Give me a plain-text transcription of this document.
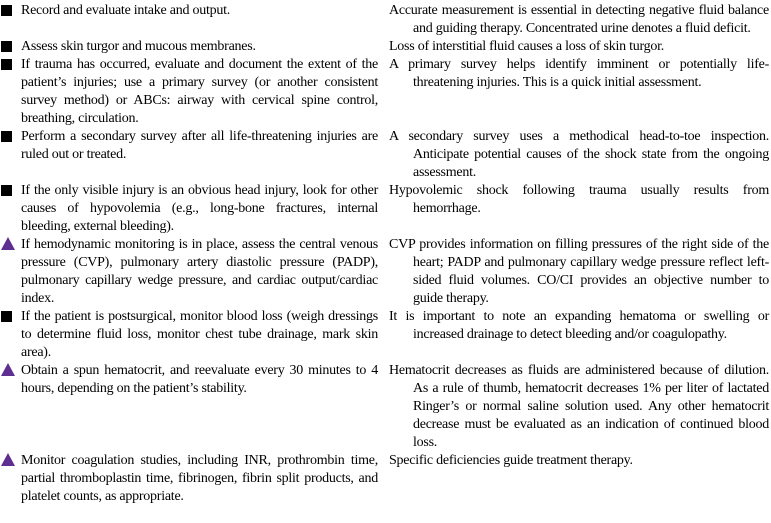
Record and evaluate intake and output.	Accurate measurement is essential in detecting negative fluid balance and guiding therapy. Concentrated urine denotes a fluid deficit.

Assess skin turgor and mucous membranes.	Loss of interstitial fluid causes a loss of skin turgor.

If trauma has occurred, evaluate and document the extent of the patient’s injuries; use a primary survey (or another consistent survey method) or ABCs: airway with cervical spine control, breathing, circulation.

A primary survey helps identify imminent or potentially life-threatening injuries. This is a quick initial assessment.

Perform a secondary survey after all life-threatening injuries are ruled out or treated.

A secondary survey uses a methodical head-to-toe inspection. Anticipate potential causes of the shock state from the ongoing assessment.

If the only visible injury is an obvious head injury, look for other causes of hypovolemia (e.g., long-bone fractures, internal bleeding, external bleeding).

Hypovolemic shock following trauma usually results from hemorrhage.

If hemodynamic monitoring is in place, assess the central venous pressure (CVP), pulmonary artery diastolic pressure (PADP), pulmonary capillary wedge pressure, and cardiac output/cardiac index.

CVP provides information on filling pressures of the right side of the heart; PADP and pulmonary capillary wedge pressure reflect left-sided fluid volumes. CO/CI provides an objective number to guide therapy.

If the patient is postsurgical, monitor blood loss (weigh dressings to determine fluid loss, monitor chest tube drainage, mark skin area).

It is important to note an expanding hematoma or swelling or increased drainage to detect bleeding and/or coagulopathy.

Obtain a spun hematocrit, and reevaluate every 30 minutes to 4 hours, depending on the patient’s stability.

Hematocrit decreases as fluids are administered because of dilution. As a rule of thumb, hematocrit decreases 1% per liter of lactated Ringer’s or normal saline solution used. Any other hematocrit decrease must be evaluated as an indication of continued blood loss.

Monitor coagulation studies, including INR, prothrombin time, partial thromboplastin time, fibrinogen, fibrin split products, and platelet counts, as appropriate.

Specific deficiencies guide treatment therapy.
